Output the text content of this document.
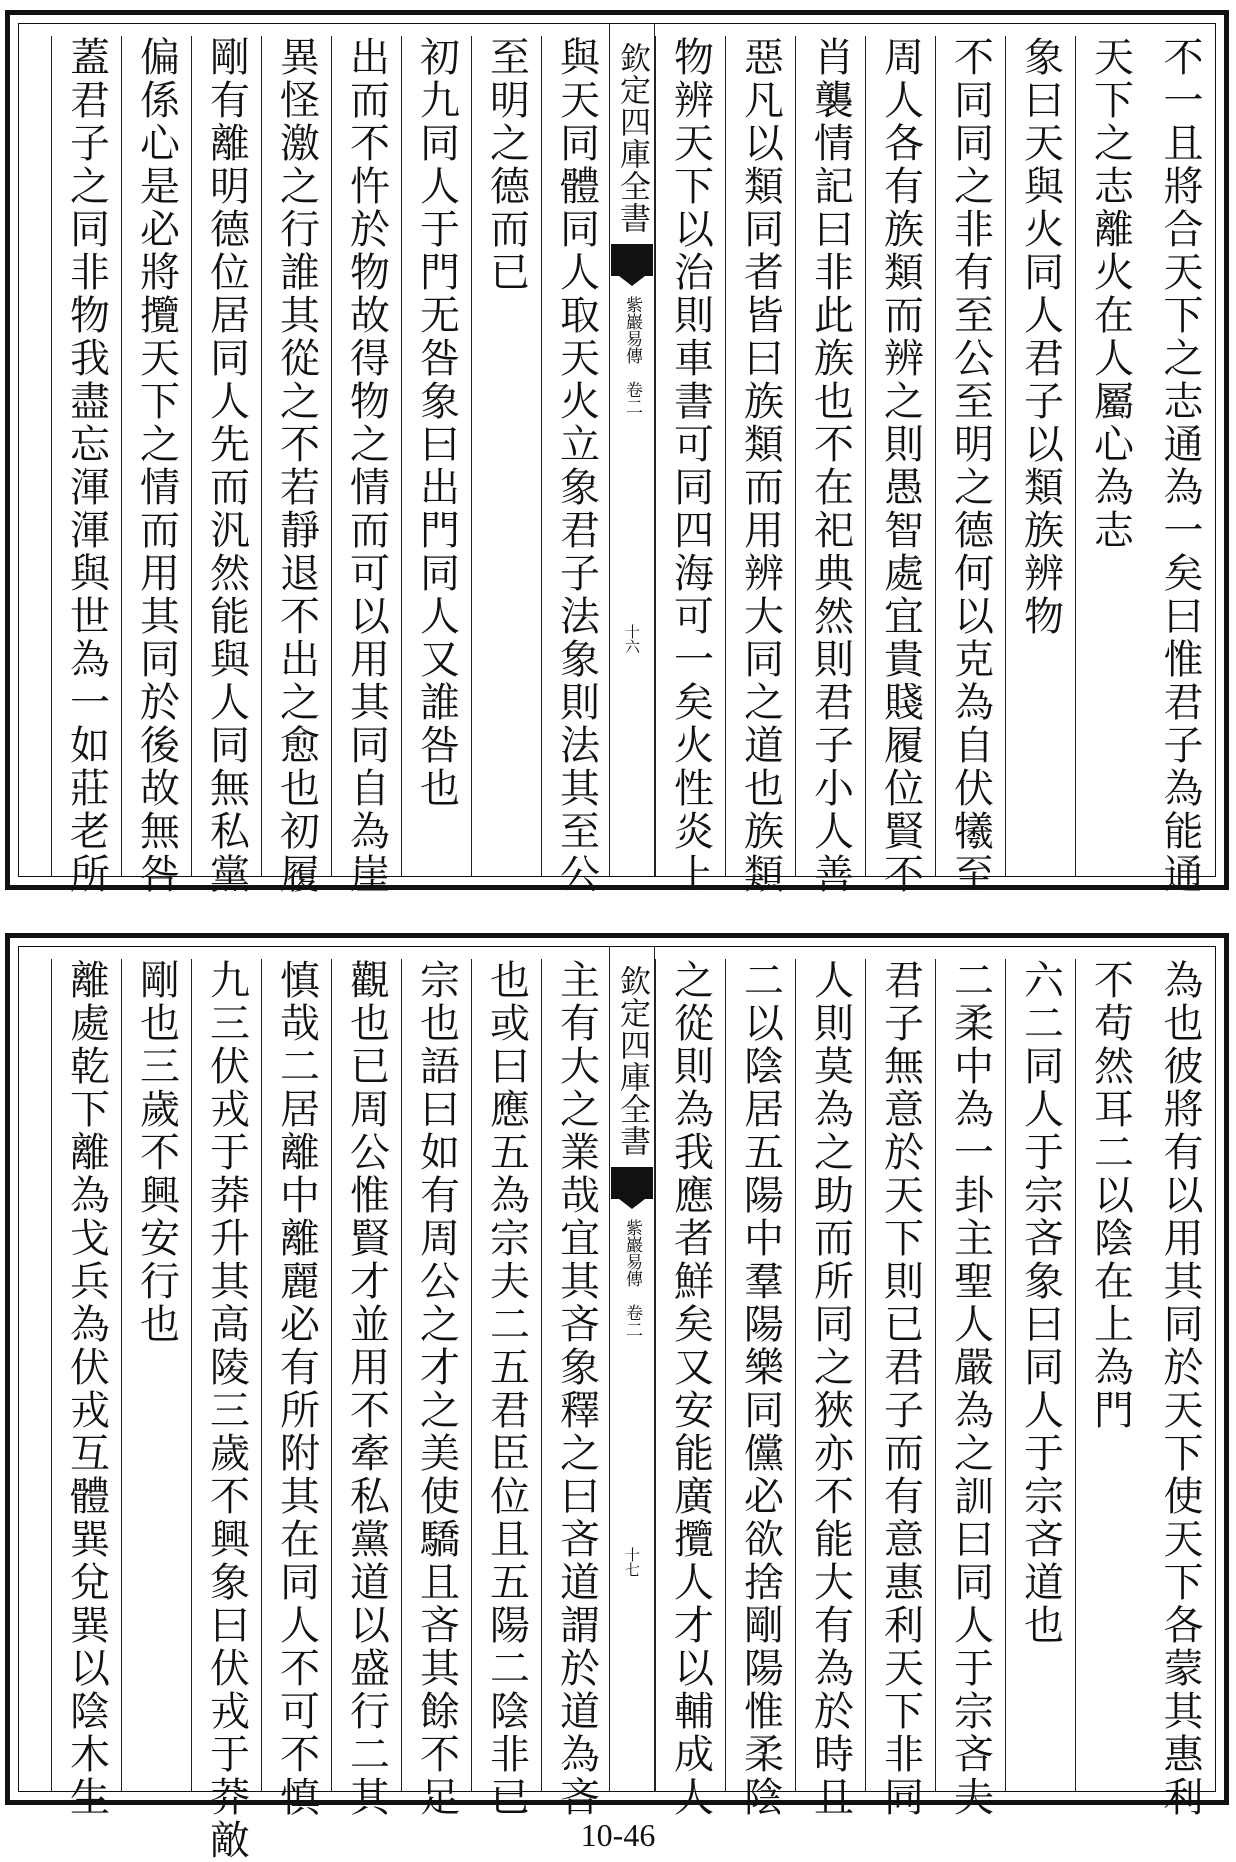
不一且將合天下之志通為一矣曰惟君子為能通
天下之志離火在人屬心為志
象曰天與火同人君子以類族辨物
不同同之非有至公至明之德何以克為自伏犧至
周人各有族類而辨之則愚智處宜貴賤履位賢不
肖襲情記曰非此族也不在祀典然則君子小人善
惡凡以類同者皆曰族類而用辨大同之道也族類
物辨天下以治則車書可同四海可一矣火性炎上
欽定四庫全書
紫巖易傳　卷二
十六
與天同體同人取天火立象君子法象則法其至公
至明之德而已
初九同人于門无咎象曰出門同人又誰咎也
出而不忤於物故得物之情而可以用其同自為崖
異怪激之行誰其從之不若靜退不出之愈也初履
剛有離明德位居同人先而汎然能與人同無私黨
偏係心是必將攬天下之情而用其同於後故無咎
蓋君子之同非物我盡忘渾渾與世為一如莊老所
為也彼將有以用其同於天下使天下各蒙其惠利
不苟然耳二以陰在上為門
六二同人于宗吝象曰同人于宗吝道也
二柔中為一卦主聖人嚴為之訓曰同人于宗吝夫
君子無意於天下則已君子而有意惠利天下非同
人則莫為之助而所同之狹亦不能大有為於時且
二以陰居五陽中羣陽樂同儻必欲捨剛陽惟柔陰
之從則為我應者鮮矣又安能廣攬人才以輔成人
欽定四庫全書
紫巖易傳　卷二
十七
主有大之業哉宜其吝象釋之曰吝道謂於道為吝
也或曰應五為宗夫二五君臣位且五陽二陰非已
宗也語曰如有周公之才之美使驕且吝其餘不足
觀也已周公惟賢才並用不牽私黨道以盛行二其
慎哉二居離中離麗必有所附其在同人不可不慎
九三伏戎于莽升其高陵三歲不興象曰伏戎于莽敵
剛也三歲不興安行也
離處乾下離為戈兵為伏戎互體巽兌巽以陰木生
10-46
